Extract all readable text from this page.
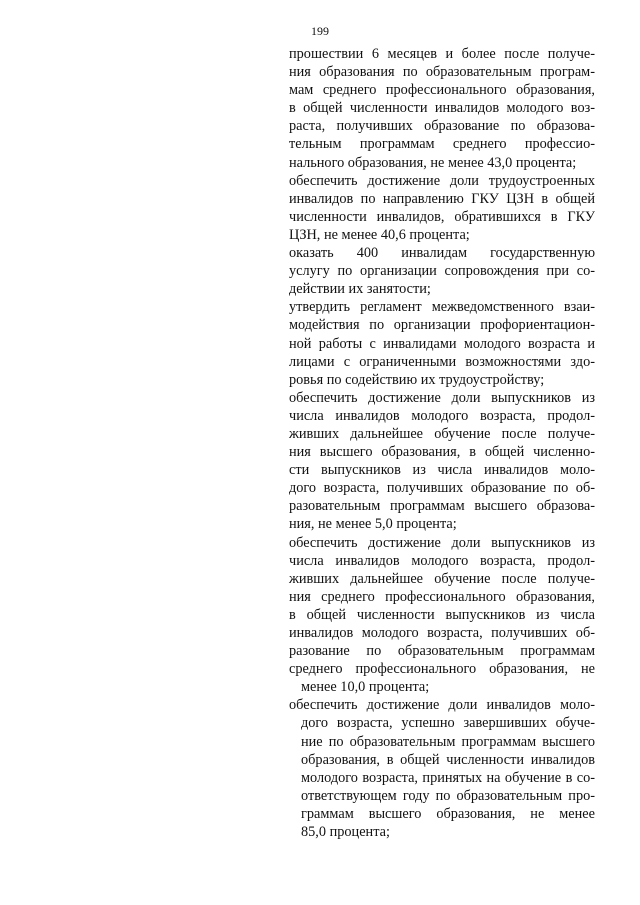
199
прошествии 6 месяцев и более после получе-
ния образования по образовательным програм-
мам среднего профессионального образования,
в общей численности инвалидов молодого воз-
раста, получивших образование по образова-
тельным программам среднего профессио-
нального образования, не менее 43,0 процента;
обеспечить достижение доли трудоустроенных
инвалидов по направлению ГКУ ЦЗН в общей
численности инвалидов, обратившихся в ГКУ
ЦЗН, не менее 40,6 процента;
оказать 400 инвалидам государственную
услугу по организации сопровождения при со-
действии их занятости;
утвердить регламент межведомственного взаи-
модействия по организации профориентацион-
ной работы с инвалидами молодого возраста и
лицами с ограниченными возможностями здо-
ровья по содействию их трудоустройству;
обеспечить достижение доли выпускников из
числа инвалидов молодого возраста, продол-
живших дальнейшее обучение после получе-
ния высшего образования, в общей численно-
сти выпускников из числа инвалидов моло-
дого возраста, получивших образование по об-
разовательным программам высшего образова-
ния, не менее 5,0 процента;
обеспечить достижение доли выпускников из
числа инвалидов молодого возраста, продол-
живших дальнейшее обучение после получе-
ния среднего профессионального образования,
в общей численности выпускников из числа
инвалидов молодого возраста, получивших об-
разование по образовательным программам
среднего профессионального образования, не
менее 10,0 процента;
обеспечить достижение доли инвалидов моло-
дого возраста, успешно завершивших обуче-
ние по образовательным программам высшего
образования, в общей численности инвалидов
молодого возраста, принятых на обучение в со-
ответствующем году по образовательным про-
граммам высшего образования, не менее
85,0 процента;
